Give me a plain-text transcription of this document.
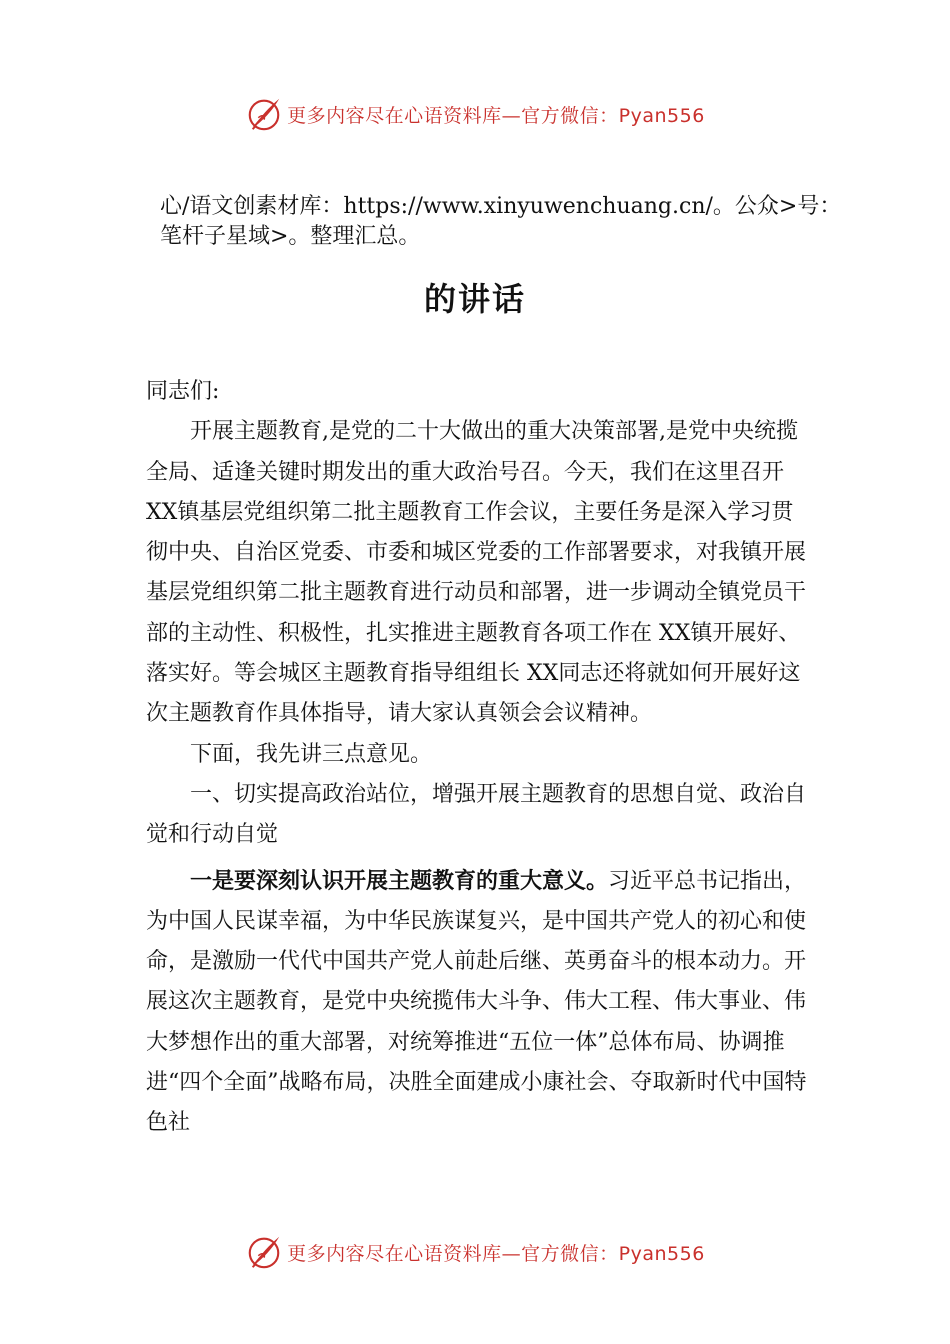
更多内容尽在心语资料库—官方微信：Pyan556
心/语文创素材库：https://www.xinyuwenchuang.cn/。公众>号：笔杆子星域>。整理汇总。
的讲话

同志们:

开展主题教育,是党的二十大做出的重大决策部署,是党中央统揽全局、适逢关键时期发出的重大政治号召。今天，我们在这里召开 XX镇基层党组织第二批主题教育工作会议，主要任务是深入学习贯彻中央、自治区党委、市委和城区党委的工作部署要求，对我镇开展基层党组织第二批主题教育进行动员和部署，进一步调动全镇党员干部的主动性、积极性，扎实推进主题教育各项工作在 XX镇开展好、落实好。等会城区主题教育指导组组长 XX同志还将就如何开展好这次主题教育作具体指导，请大家认真领会会议精神。

下面，我先讲三点意见。

一、切实提高政治站位，增强开展主题教育的思想自觉、政治自觉和行动自觉

一是要深刻认识开展主题教育的重大意义。习近平总书记指出，为中国人民谋幸福，为中华民族谋复兴，是中国共产党人的初心和使命，是激励一代代中国共产党人前赴后继、英勇奋斗的根本动力。开展这次主题教育，是党中央统揽伟大斗争、伟大工程、伟大事业、伟大梦想作出的重大部署，对统筹推进“五位一体”总体布局、协调推进“四个全面”战略布局，决胜全面建成小康社会、夺取新时代中国特色社

更多内容尽在心语资料库—官方微信：Pyan556
